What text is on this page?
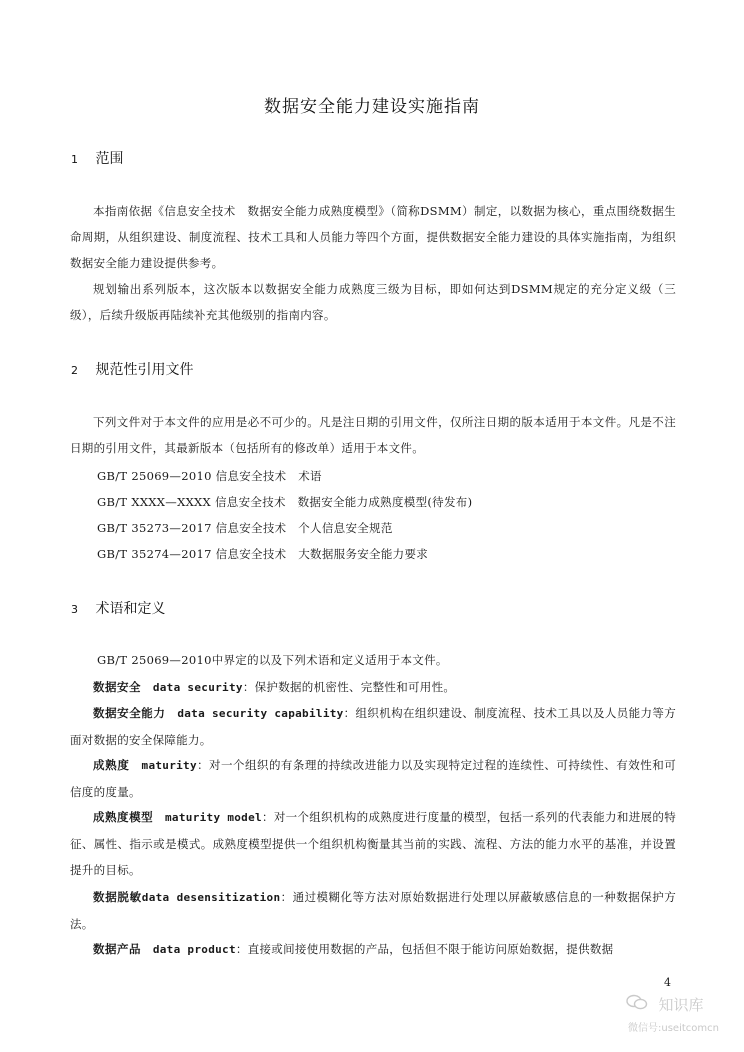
数据安全能力建设实施指南
1 范围
本指南依据《信息安全技术　数据安全能力成熟度模型》（简称DSMM）制定，以数据为核心，重点围绕数据生命周期，从组织建设、制度流程、技术工具和人员能力等四个方面，提供数据安全能力建设的具体实施指南，为组织数据安全能力建设提供参考。
规划输出系列版本，这次版本以数据安全能力成熟度三级为目标，即如何达到DSMM规定的充分定义级（三级），后续升级版再陆续补充其他级别的指南内容。
2 规范性引用文件
下列文件对于本文件的应用是必不可少的。凡是注日期的引用文件，仅所注日期的版本适用于本文件。凡是不注日期的引用文件，其最新版本（包括所有的修改单）适用于本文件。
GB/T 25069—2010 信息安全技术　术语
GB/T XXXX—XXXX 信息安全技术　数据安全能力成熟度模型(待发布)
GB/T 35273—2017 信息安全技术　个人信息安全规范
GB/T 35274—2017 信息安全技术　大数据服务安全能力要求
3 术语和定义
GB/T 25069—2010中界定的以及下列术语和定义适用于本文件。
数据安全　 data security：保护数据的机密性、完整性和可用性。
数据安全能力　 data security capability：组织机构在组织建设、制度流程、技术工具以及人员能力等方面对数据的安全保障能力。
成熟度　 maturity：对一个组织的有条理的持续改进能力以及实现特定过程的连续性、可持续性、有效性和可信度的度量。
成熟度模型　 maturity model：对一个组织机构的成熟度进行度量的模型，包括一系列的代表能力和进展的特征、属性、指示或是模式。成熟度模型提供一个组织机构衡量其当前的实践、流程、方法的能力水平的基准，并设置提升的目标。
数据脱敏data desensitization：通过模糊化等方法对原始数据进行处理以屏蔽敏感信息的一种数据保护方法。
数据产品　 data product：直接或间接使用数据的产品，包括但不限于能访问原始数据，提供数据
4
知识库
微信号:useitcomcn
